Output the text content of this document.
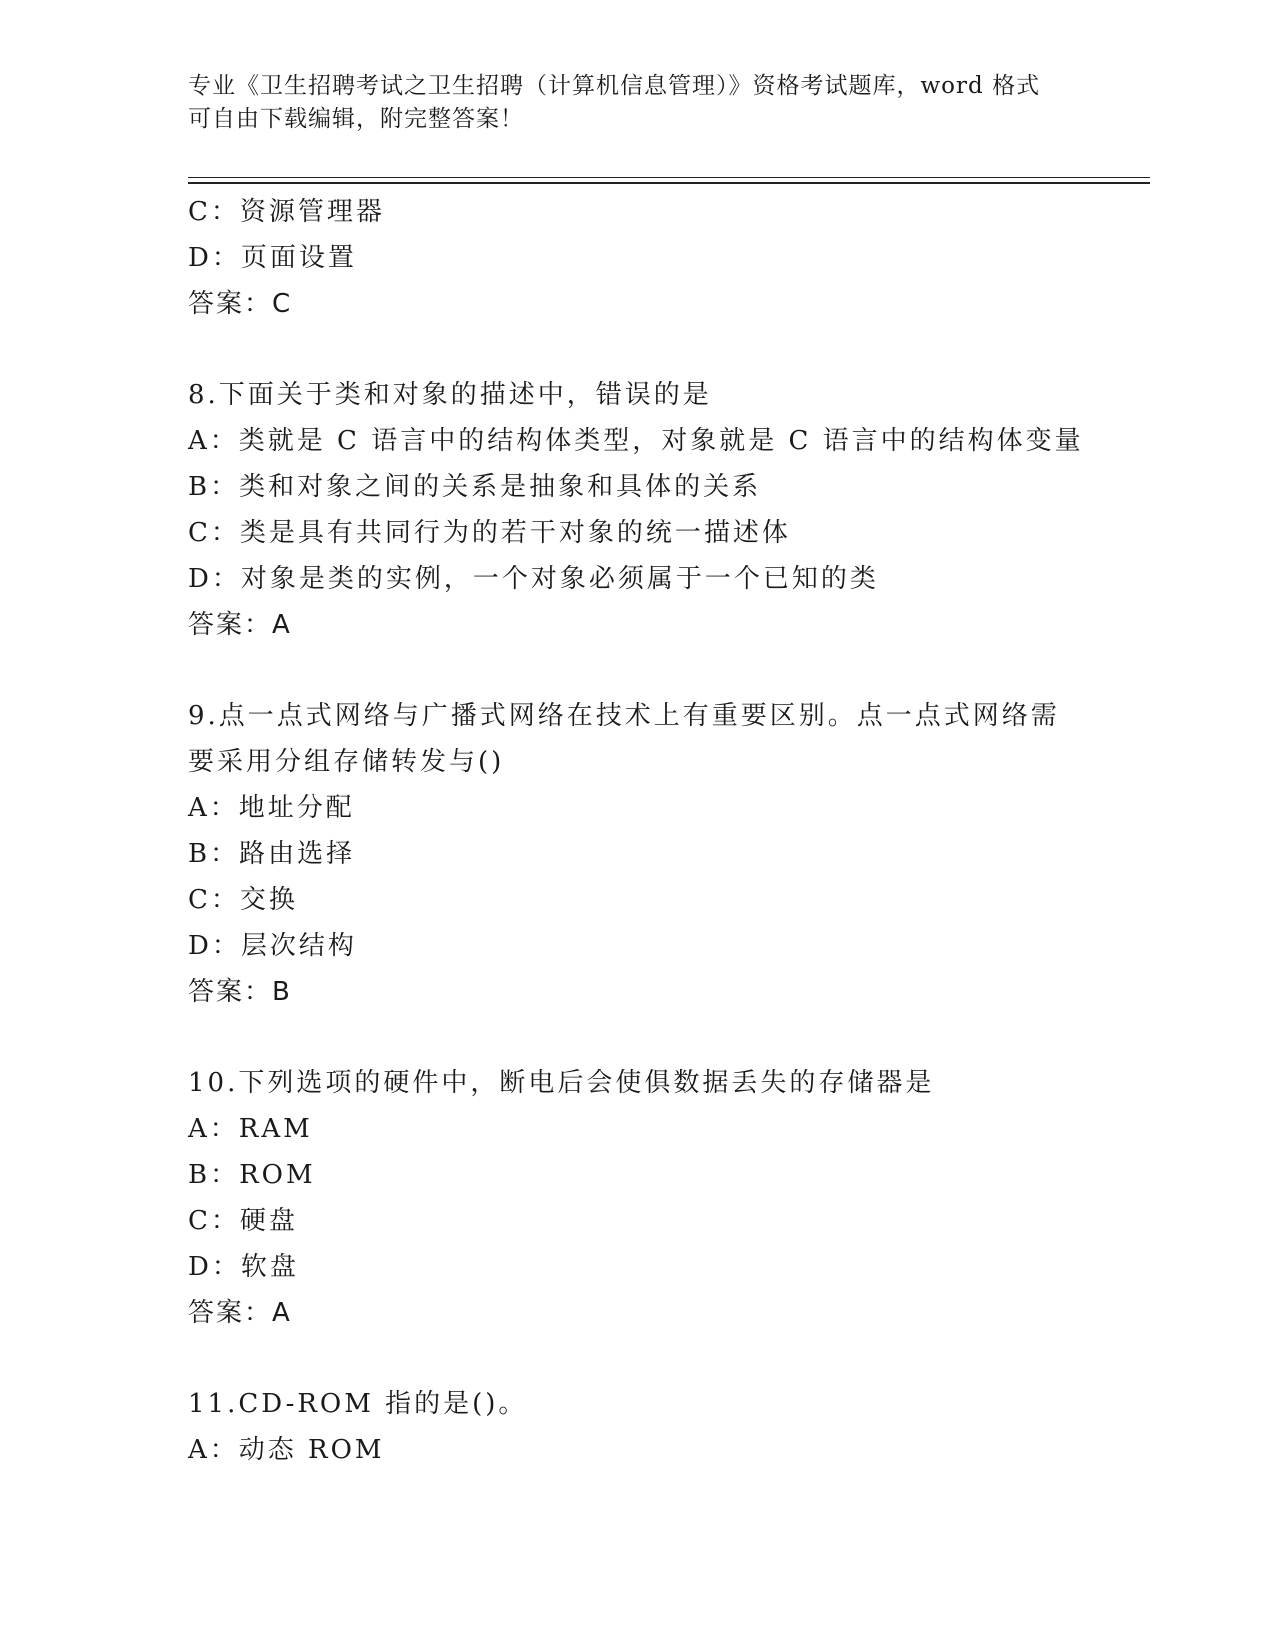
专业《卫生招聘考试之卫生招聘（计算机信息管理）》资格考试题库，word 格式
可自由下载编辑，附完整答案！
C：资源管理器
D：页面设置
答案：C
8.下面关于类和对象的描述中，错误的是
A：类就是 C 语言中的结构体类型，对象就是 C 语言中的结构体变量
B：类和对象之间的关系是抽象和具体的关系
C：类是具有共同行为的若干对象的统一描述体
D：对象是类的实例，一个对象必须属于一个已知的类
答案：A
9.点一点式网络与广播式网络在技术上有重要区别。点一点式网络需
要采用分组存储转发与()
A：地址分配
B：路由选择
C：交换
D：层次结构
答案：B
10.下列选项的硬件中，断电后会使俱数据丢失的存储器是
A：RAM
B：ROM
C：硬盘
D：软盘
答案：A
11.CD-ROM 指的是()。
A：动态 ROM
